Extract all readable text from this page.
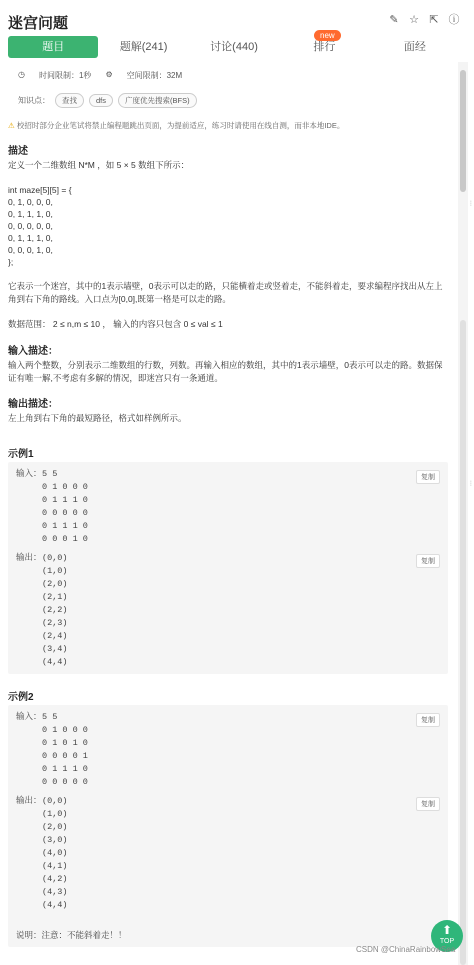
迷宫问题	✎ ☆ ⇱ ⓘ
题目	题解(241)	讨论(440)	排行	面经
new
◷ 时间限制：1秒 ⚙ 空间限制：32M
知识点：	查找	dfs	广度优先搜索(BFS)
⚠ 校招时部分企业笔试将禁止编程题跳出页面，为提前适应，练习时请使用在线自测，而非本地IDE。
描述
定义一个二维数组 N*M ，如 5 × 5 数组下所示：
int maze[5][5] = {
0, 1, 0, 0, 0,
0, 1, 1, 1, 0,
0, 0, 0, 0, 0,
0, 1, 1, 1, 0,
0, 0, 0, 1, 0,
};
它表示一个迷宫，其中的1表示墙壁，0表示可以走的路，只能横着走或竖着走，不能斜着走，要求编程序找出从左上角到右下角的路线。入口点为[0,0],既第一格是可以走的路。
数据范围： 2 ≤ n,m ≤ 10 ， 输入的内容只包含 0 ≤ val ≤ 1
输入描述：
输入两个整数，分别表示二维数组的行数，列数。再输入相应的数组，其中的1表示墙壁，0表示可以走的路。数据保证有唯一解,不考虑有多解的情况，即迷宫只有一条通道。
输出描述：
左上角到右下角的最短路径，格式如样例所示。
示例1
输入： 5 5
0 1 0 0 0
0 1 1 1 0
0 0 0 0 0
0 1 1 1 0
0 0 0 1 0
复制
输出： (0,0)
(1,0)
(2,0)
(2,1)
(2,2)
(2,3)
(2,4)
(3,4)
(4,4)
复制
示例2
输入： 5 5
0 1 0 0 0
0 1 0 1 0
0 0 0 0 1
0 1 1 1 0
0 0 0 0 0
复制
输出： (0,0)
(1,0)
(2,0)
(3,0)
(4,0)
(4,1)
(4,2)
(4,3)
(4,4)
复制
说明：注意：不能斜着走！！
⋮
⋮
⬆
TOP
CSDN @ChinaRainbowSea
